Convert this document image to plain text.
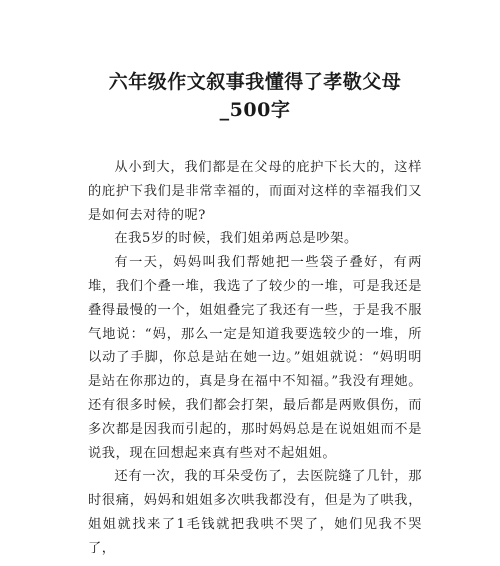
六年级作文叙事我懂得了孝敬父母_500字

从小到大，我们都是在父母的庇护下长大的，这样的庇护下我们是非常幸福的，而面对这样的幸福我们又是如何去对待的呢?

在我5岁的时候，我们姐弟两总是吵架。

有一天，妈妈叫我们帮她把一些袋子叠好，有两堆，我们个叠一堆，我选了了较少的一堆，可是我还是叠得最慢的一个，姐姐叠完了我还有一些，于是我不服气地说：“妈，那么一定是知道我要选较少的一堆，所以动了手脚，你总是站在她一边。”姐姐就说：“妈明明是站在你那边的，真是身在福中不知福。”我没有理她。还有很多时候，我们都会打架，最后都是两败俱伤，而多次都是因我而引起的，那时妈妈总是在说姐姐而不是说我，现在回想起来真有些对不起姐姐。

还有一次，我的耳朵受伤了，去医院缝了几针，那时很痛，妈妈和姐姐多次哄我都没有，但是为了哄我，姐姐就找来了1毛钱就把我哄不哭了，她们见我不哭了，
